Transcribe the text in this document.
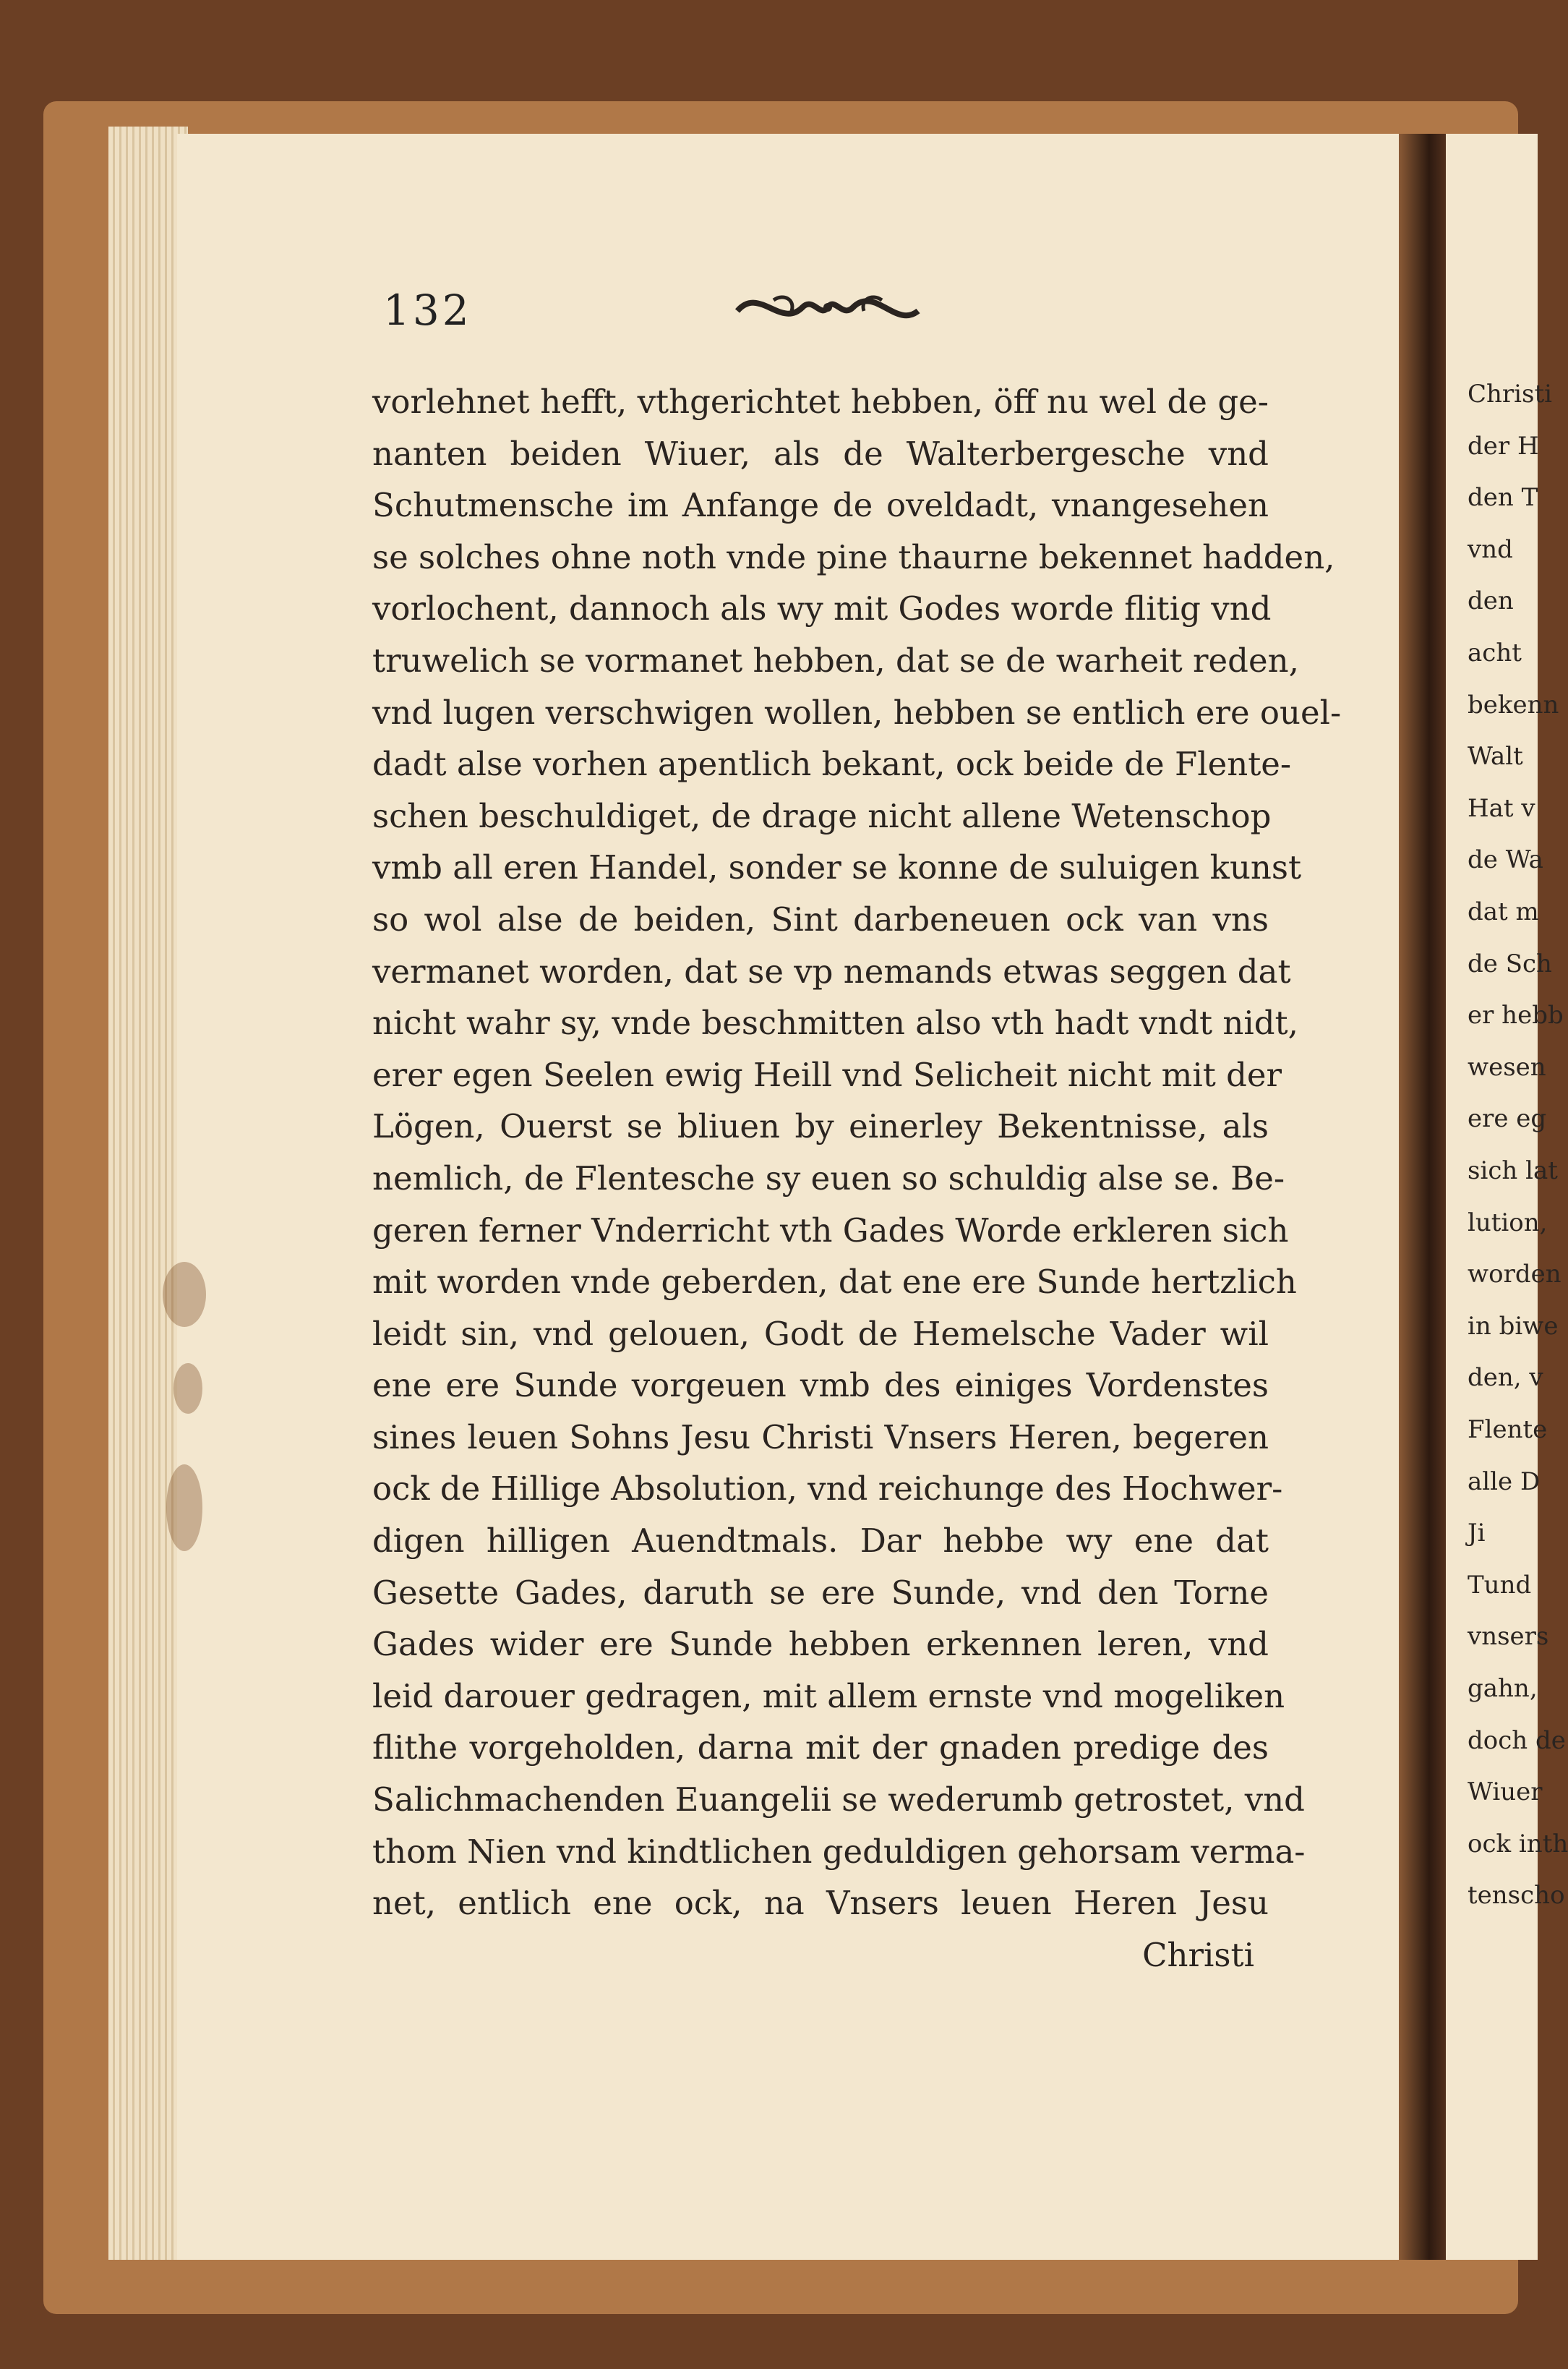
Christi
der H
den T
vnd
den
acht
bekenn
Walt
Hat v
de Wa
dat m
de Sch
er hebb
wesen
ere eg
sich lat
lution,
worden
in biwe
den, v
Flente
alle D
Ji
Tund
vnsers
gahn,
doch de
Wiuer
ock inth
tenscho
132
vorlehnet hefft, vthgerichtet hebben, öff nu wel de ge-
nanten beiden Wiuer, als de Walterbergesche vnd
Schutmensche im Anfange de oveldadt, vnangesehen
se solches ohne noth vnde pine thaurne bekennet hadden,
vorlochent, dannoch als wy mit Godes worde flitig vnd
truwelich se vormanet hebben, dat se de warheit reden,
vnd lugen verschwigen wollen, hebben se entlich ere ouel-
dadt alse vorhen apentlich bekant, ock beide de Flente-
schen beschuldiget, de drage nicht allene Wetenschop
vmb all eren Handel, sonder se konne de suluigen kunst
so wol alse de beiden, Sint darbeneuen ock van vns
vermanet worden, dat se vp nemands etwas seggen dat
nicht wahr sy, vnde beschmitten also vth hadt vndt nidt,
erer egen Seelen ewig Heill vnd Selicheit nicht mit der
Lögen, Ouerst se bliuen by einerley Bekentnisse, als
nemlich, de Flentesche sy euen so schuldig alse se. Be-
geren ferner Vnderricht vth Gades Worde erkleren sich
mit worden vnde geberden, dat ene ere Sunde hertzlich
leidt sin, vnd gelouen, Godt de Hemelsche Vader wil
ene ere Sunde vorgeuen vmb des einiges Vordenstes
sines leuen Sohns Jesu Christi Vnsers Heren, begeren
ock de Hillige Absolution, vnd reichunge des Hochwer-
digen hilligen Auendtmals. Dar hebbe wy ene dat
Gesette Gades, daruth se ere Sunde, vnd den Torne
Gades wider ere Sunde hebben erkennen leren, vnd
leid darouer gedragen, mit allem ernste vnd mogeliken
flithe vorgeholden, darna mit der gnaden predige des
Salichmachenden Euangelii se wederumb getrostet, vnd
thom Nien vnd kindtlichen geduldigen gehorsam verma-
net, entlich ene ock, na Vnsers leuen Heren Jesu
Christi
